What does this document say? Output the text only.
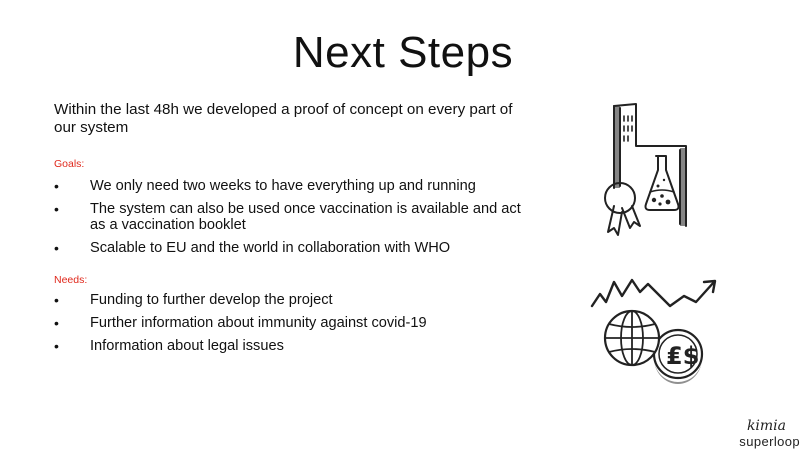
Next Steps
Within the last 48h we developed a proof of concept on every part of our system
Goals:
• We only need two weeks to have everything up and running
• The system can also be used once vaccination is available and act as a vaccination booklet
• Scalable to EU and the world in collaboration with WHO
Needs:
• Funding to further develop the project
• Further information about immunity against covid-19
• Information about legal issues	₤$
kimia
superloop
